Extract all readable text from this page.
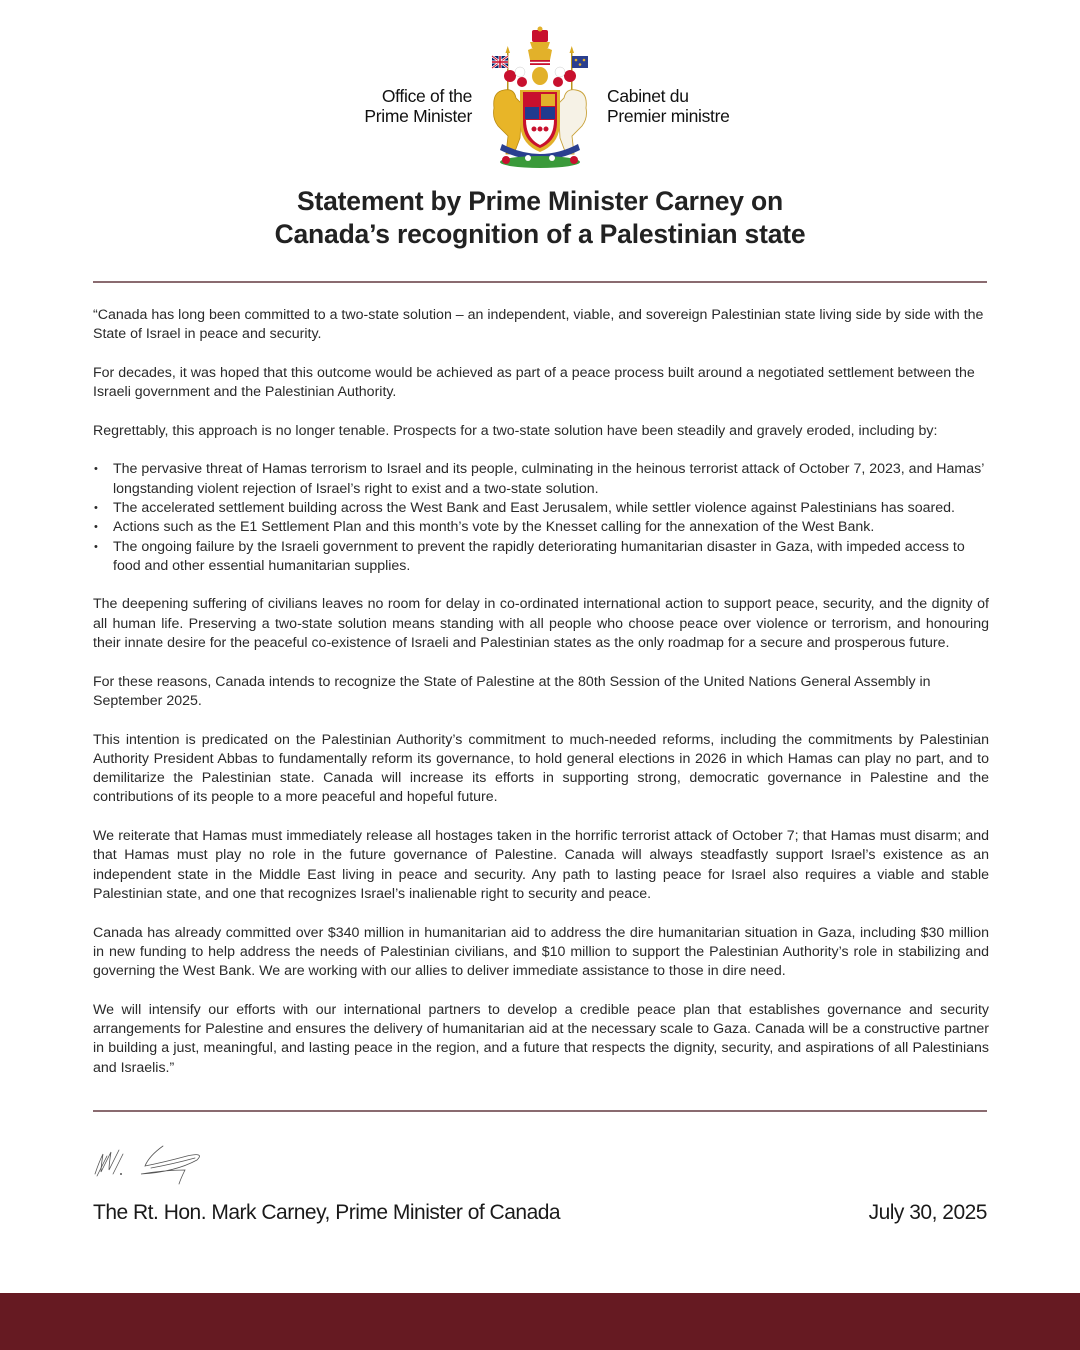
Office of the
Prime Minister
Cabinet du
Premier ministre
Statement by Prime Minister Carney on
Canada’s recognition of a Palestinian state

“Canada has long been committed to a two-state solution – an independent, viable, and sovereign Palestinian state living side by side with the State of Israel in peace and security.

For decades, it was hoped that this outcome would be achieved as part of a peace process built around a negotiated settlement between the Israeli government and the Palestinian Authority.

Regrettably, this approach is no longer tenable. Prospects for a two-state solution have been steadily and gravely eroded, including by:

• The pervasive threat of Hamas terrorism to Israel and its people, culminating in the heinous terrorist attack of October 7, 2023, and Hamas’ longstanding violent rejection of Israel’s right to exist and a two-state solution.
• The accelerated settlement building across the West Bank and East Jerusalem, while settler violence against Palestinians has soared.
• Actions such as the E1 Settlement Plan and this month’s vote by the Knesset calling for the annexation of the West Bank.
• The ongoing failure by the Israeli government to prevent the rapidly deteriorating humanitarian disaster in Gaza, with impeded access to food and other essential humanitarian supplies.

The deepening suffering of civilians leaves no room for delay in co-ordinated international action to support peace, security, and the dignity of all human life. Preserving a two-state solution means standing with all people who choose peace over violence or terrorism, and honouring their innate desire for the peaceful co-existence of Israeli and Palestinian states as the only roadmap for a secure and prosperous future.

For these reasons, Canada intends to recognize the State of Palestine at the 80th Session of the United Nations General Assembly in September 2025.

This intention is predicated on the Palestinian Authority’s commitment to much-needed reforms, including the commitments by Palestinian Authority President Abbas to fundamentally reform its governance, to hold general elections in 2026 in which Hamas can play no part, and to demilitarize the Palestinian state. Canada will increase its efforts in supporting strong, democratic governance in Palestine and the contributions of its people to a more peaceful and hopeful future.

We reiterate that Hamas must immediately release all hostages taken in the horrific terrorist attack of October 7; that Hamas must disarm; and that Hamas must play no role in the future governance of Palestine. Canada will always steadfastly support Israel’s existence as an independent state in the Middle East living in peace and security. Any path to lasting peace for Israel also requires a viable and stable Palestinian state, and one that recognizes Israel’s inalienable right to security and peace.

Canada has already committed over $340 million in humanitarian aid to address the dire humanitarian situation in Gaza, including $30 million in new funding to help address the needs of Palestinian civilians, and $10 million to support the Palestinian Authority’s role in stabilizing and governing the West Bank. We are working with our allies to deliver immediate assistance to those in dire need.

We will intensify our efforts with our international partners to develop a credible peace plan that establishes governance and security arrangements for Palestine and ensures the delivery of humanitarian aid at the necessary scale to Gaza. Canada will be a constructive partner in building a just, meaningful, and lasting peace in the region, and a future that respects the dignity, security, and aspirations of all Palestinians and Israelis.”

The Rt. Hon. Mark Carney, Prime Minister of Canada	July 30, 2025
